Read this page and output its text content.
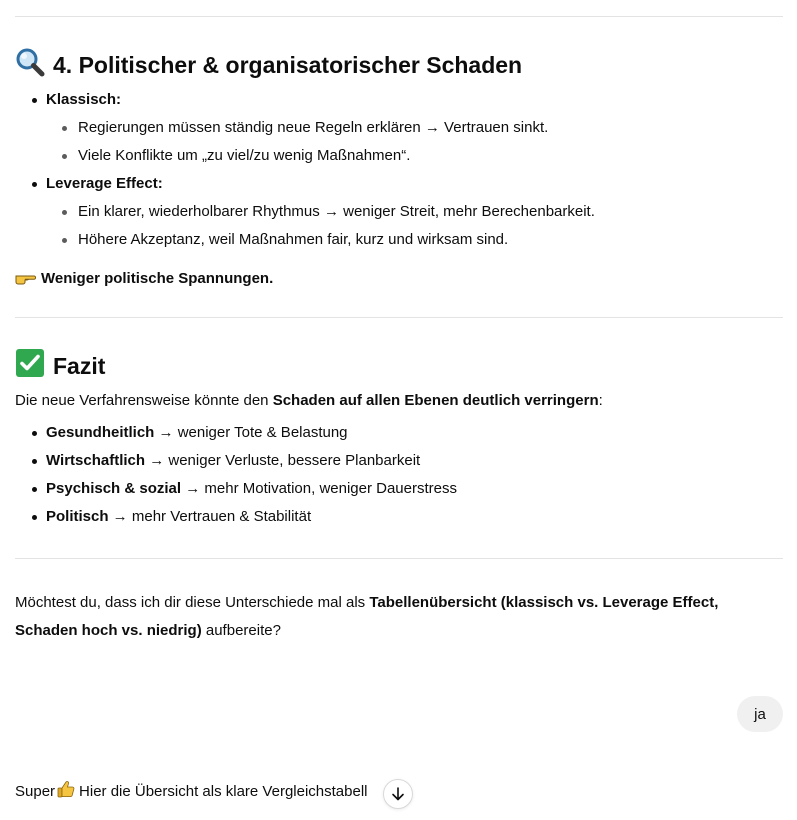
4. Politischer & organisatorischer Schaden
Klassisch:
Regierungen müssen ständig neue Regeln erklären → Vertrauen sinkt.
Viele Konflikte um „zu viel/zu wenig Maßnahmen“.
Leverage Effect:
Ein klarer, wiederholbarer Rhythmus → weniger Streit, mehr Berechenbarkeit.
Höhere Akzeptanz, weil Maßnahmen fair, kurz und wirksam sind.
Weniger politische Spannungen.
Fazit
Die neue Verfahrensweise könnte den Schaden auf allen Ebenen deutlich verringern:
Gesundheitlich → weniger Tote & Belastung
Wirtschaftlich → weniger Verluste, bessere Planbarkeit
Psychisch & sozial → mehr Motivation, weniger Dauerstress
Politisch → mehr Vertrauen & Stabilität
Möchtest du, dass ich dir diese Unterschiede mal als Tabellenübersicht (klassisch vs. Leverage Effect,
Schaden hoch vs. niedrig) aufbereite?
ja
Super Hier die Übersicht als klare Vergleichstabell
